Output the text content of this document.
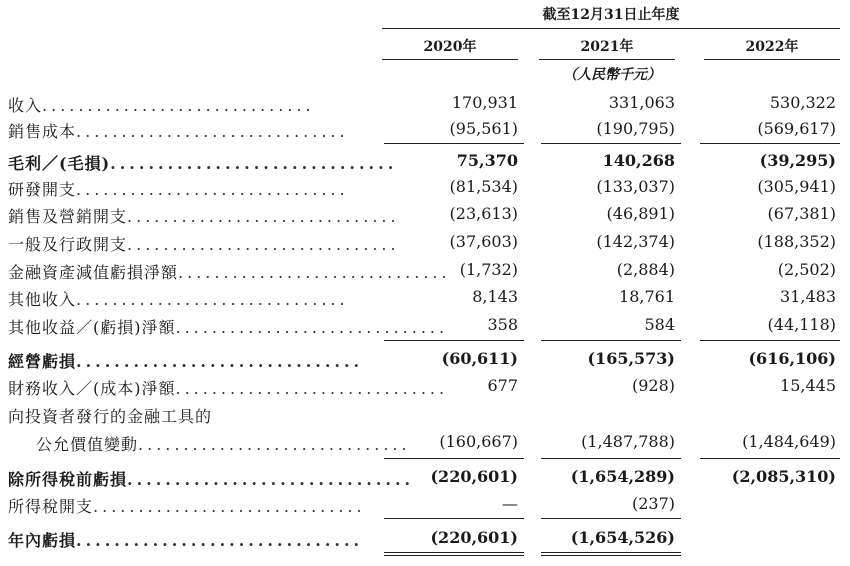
截至12月31日止年度
2020年	2021年	2022年
（人民幣千元）
收入..............................	170,931	331,063	530,322
銷售成本..............................	(95,561)	(190,795)	(569,617)
毛利／(毛損)..............................	75,370	140,268	(39,295)
研發開支..............................	(81,534)	(133,037)	(305,941)
銷售及營銷開支..............................	(23,613)	(46,891)	(67,381)
一般及行政開支..............................	(37,603)	(142,374)	(188,352)
金融資產減值虧損淨額.............................. (1,732)	(2,884)	(2,502)
其他收入..............................	8,143	18,761	31,483
其他收益／(虧損)淨額..............................	358	584	(44,118)
經營虧損..............................	(60,611)	(165,573)	(616,106)
財務收入／(成本)淨額..............................	677	(928)	15,445
向投資者發行的金融工具的
公允價值變動..............................	(160,667)	(1,487,788)	(1,484,649)
除所得稅前虧損..............................	(220,601)	(1,654,289)	(2,085,310)
所得稅開支..............................	—	(237)
年內虧損..............................	(220,601)	(1,654,526)
